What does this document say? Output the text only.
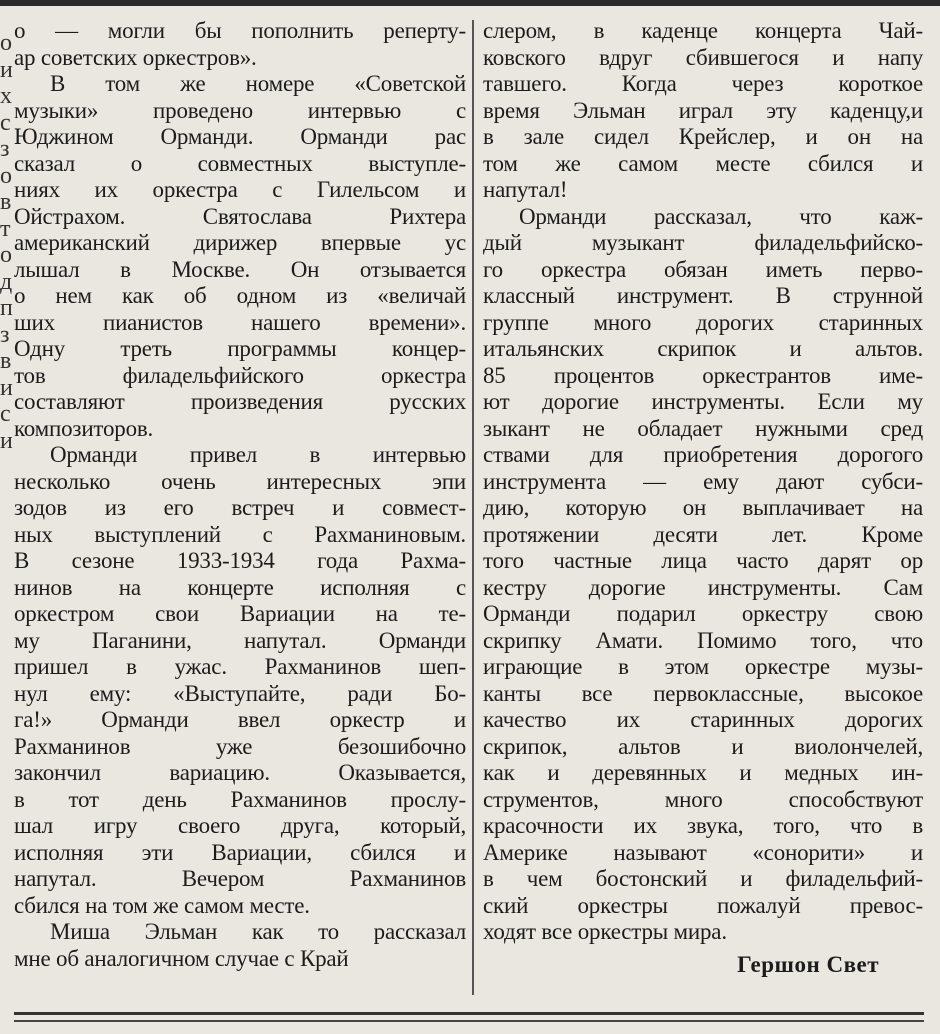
о
и
х
с
з
о
в
т
о
д
п
з
в
и
с
и
о — могли бы пополнить реперту-
ар советских оркестров».
В том же номере «Советской
музыки» проведено интервью с
Юджином Орманди. Орманди рас
сказал о совместных выступле-
ниях их оркестра с Гилельсом и
Ойстрахом. Святослава Рихтера
американский дирижер впервые ус
лышал в Москве. Он отзывается
о нем как об одном из «величай
ших пианистов нашего времени».
Одну треть программы концер-
тов филадельфийского оркестра
составляют произведения русских
композиторов.
Орманди привел в интервью
несколько очень интересных эпи
зодов из его встреч и совмест-
ных выступлений с Рахманиновым.
В сезоне 1933-1934 года Рахма-
нинов на концерте исполняя с
оркестром свои Вариации на те-
му Паганини, напутал. Орманди
пришел в ужас. Рахманинов шеп-
нул ему: «Выступайте, ради Бо-
га!» Орманди ввел оркестр и
Рахманинов уже безошибочно
закончил вариацию. Оказывается,
в тот день Рахманинов прослу-
шал игру своего друга, который,
исполняя эти Вариации, сбился и
напутал. Вечером Рахманинов
сбился на том же самом месте.
Миша Эльман как то рассказал
мне об аналогичном случае с Край
слером, в каденце концерта Чай-
ковского вдруг сбившегося и напу
тавшего. Когда через короткое
время Эльман играл эту каденцу,и
в зале сидел Крейслер, и он на
том же самом месте сбился и
напутал!
Орманди рассказал, что каж-
дый музыкант филадельфийско-
го оркестра обязан иметь перво-
классный инструмент. В струнной
группе много дорогих старинных
итальянских скрипок и альтов.
85 процентов оркестрантов име-
ют дорогие инструменты. Если му
зыкант не обладает нужными сред
ствами для приобретения дорогого
инструмента — ему дают субси-
дию, которую он выплачивает на
протяжении десяти лет. Кроме
того частные лица часто дарят ор
кестру дорогие инструменты. Сам
Орманди подарил оркестру свою
скрипку Амати. Помимо того, что
играющие в этом оркестре музы-
канты все первоклассные, высокое
качество их старинных дорогих
скрипок, альтов и виолончелей,
как и деревянных и медных ин-
струментов, много способствуют
красочности их звука, того, что в
Америке называют «сонорити» и
в чем бостонский и филадельфий-
ский оркестры пожалуй превос-
ходят все оркестры мира.
Гершон Свет
